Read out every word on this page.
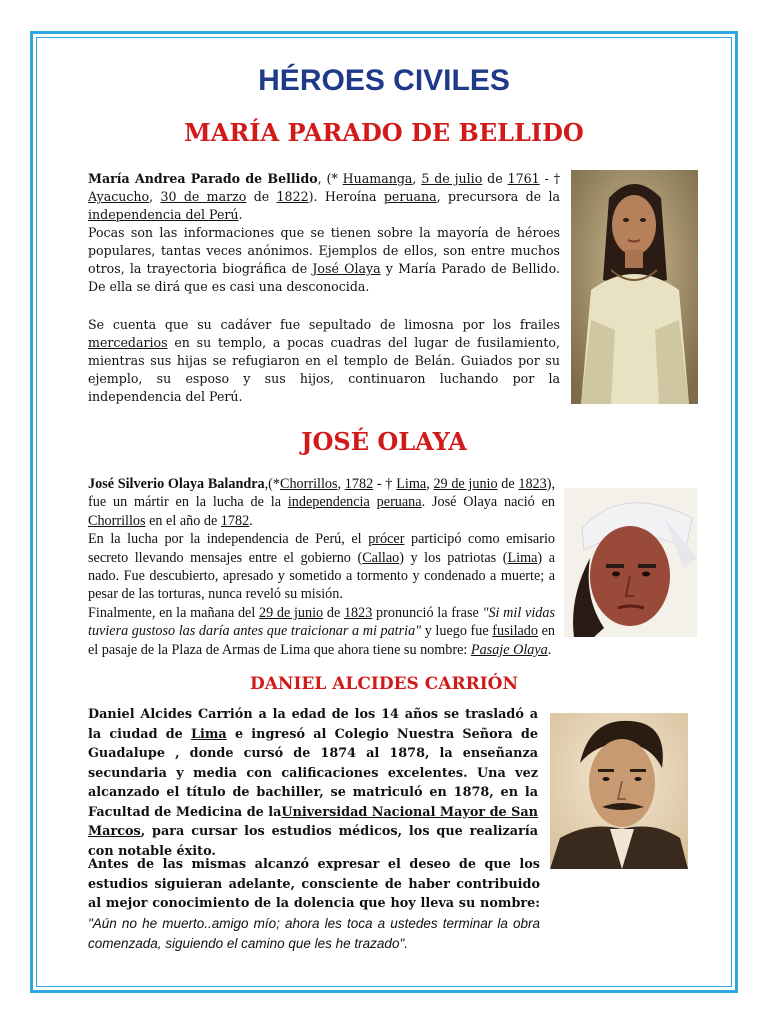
HÉROES CIVILES
MARÍA PARADO DE BELLIDO

María Andrea Parado de Bellido, (* Huamanga, 5 de julio de 1761 - † Ayacucho, 30 de marzo de 1822). Heroína peruana, precursora de la independencia del Perú.
Pocas son las informaciones que se tienen sobre la mayoría de héroes populares, tantas veces anónimos. Ejemplos de ellos, son entre muchos otros, la trayectoria biográfica de José Olaya y María Parado de Bellido. De ella se dirá que es casi una desconocida.

Se cuenta que su cadáver fue sepultado de limosna por los frailes mercedarios en su templo, a pocas cuadras del lugar de fusilamiento, mientras sus hijas se refugiaron en el templo de Belán. Guiados por su ejemplo, su esposo y sus hijos, continuaron luchando por la independencia del Perú.

JOSÉ OLAYA

José Silverio Olaya Balandra,(*Chorrillos, 1782 - † Lima, 29 de junio de 1823), fue un mártir en la lucha de la independencia peruana. José Olaya nació en Chorrillos en el año de 1782.
En la lucha por la independencia de Perú, el prócer participó como emisario secreto llevando mensajes entre el gobierno (Callao) y los patriotas (Lima) a nado. Fue descubierto, apresado y sometido a tormento y condenado a muerte; a pesar de las torturas, nunca reveló su misión.
Finalmente, en la mañana del 29 de junio de 1823 pronunció la frase "Si mil vidas tuviera gustoso las daría antes que traicionar a mi patria" y luego fue fusilado en el pasaje de la Plaza de Armas de Lima que ahora tiene su nombre: Pasaje Olaya.

DANIEL ALCIDES CARRIÓN

Daniel Alcides Carrión a la edad de los 14 años se trasladó a la ciudad de Lima e ingresó al Colegio Nuestra Señora de Guadalupe , donde cursó de 1874 al 1878, la enseñanza secundaria y media con calificaciones excelentes. Una vez alcanzado el título de bachiller, se matriculó en 1878, en la Facultad de Medicina de laUniversidad Nacional Mayor de San Marcos, para cursar los estudios médicos, los que realizaría con notable éxito.

Antes de las mismas alcanzó expresar el deseo de que los estudios siguieran adelante, consciente de haber contribuido al mejor conocimiento de la dolencia que hoy lleva su nombre: "Aún no he muerto..amigo mío; ahora les toca a ustedes terminar la obra comenzada, siguiendo el camino que les he trazado".
